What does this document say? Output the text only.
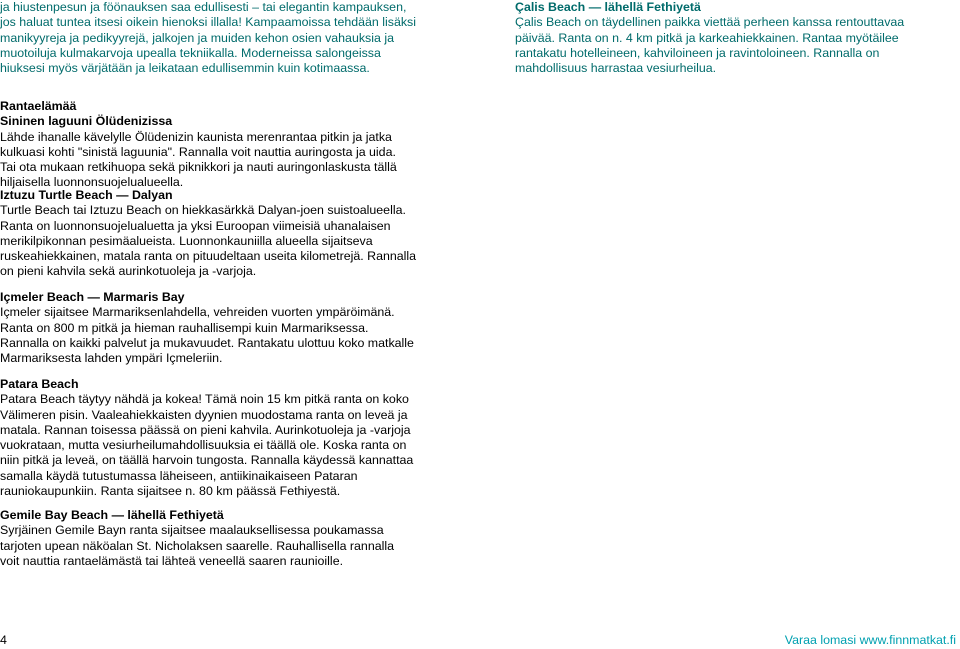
ja hiustenpesun ja föönauksen saa edullisesti – tai elegantin kampauksen,
jos haluat tuntea itsesi oikein hienoksi illalla! Kampaamoissa tehdään lisäksi
manikyyreja ja pedikyyrejä, jalkojen ja muiden kehon osien vahauksia ja
muotoiluja kulmakarvoja upealla tekniikalla. Moderneissa salongeissa
hiuksesi myös värjätään ja leikataan edullisemmin kuin kotimaassa.
Rantaelämää
Sininen laguuni Ölüdenizissa
Lähde ihanalle kävelylle Ölüdenizin kaunista merenrantaa pitkin ja jatka
kulkuasi kohti "sinistä laguunia". Rannalla voit nauttia auringosta ja uida.
Tai ota mukaan retkihuopa sekä piknikkori ja nauti auringonlaskusta tällä
hiljaisella luonnonsuojelualueella.
Iztuzu Turtle Beach — Dalyan
Turtle Beach tai Iztuzu Beach on hiekkasärkkä Dalyan-joen suistoalueella.
Ranta on luonnonsuojelualuetta ja yksi Euroopan viimeisiä uhanalaisen
merikilpikonnan pesimäalueista. Luonnonkauniilla alueella sijaitseva
ruskeahiekkainen, matala ranta on pituudeltaan useita kilometrejä. Rannalla
on pieni kahvila sekä aurinkotuoleja ja -varjoja.
Içmeler Beach — Marmaris Bay
Içmeler sijaitsee Marmariksenlahdella, vehreiden vuorten ympäröimänä.
Ranta on 800 m pitkä ja hieman rauhallisempi kuin Marmariksessa.
Rannalla on kaikki palvelut ja mukavuudet. Rantakatu ulottuu koko matkalle
Marmariksesta lahden ympäri Içmeleriin.
Patara Beach
Patara Beach täytyy nähdä ja kokea! Tämä noin 15 km pitkä ranta on koko
Välimeren pisin. Vaaleahiekkaisten dyynien muodostama ranta on leveä ja
matala. Rannan toisessa päässä on pieni kahvila. Aurinkotuoleja ja -varjoja
vuokrataan, mutta vesiurheilumahdollisuuksia ei täällä ole. Koska ranta on
niin pitkä ja leveä, on täällä harvoin tungosta. Rannalla käydessä kannattaa
samalla käydä tutustumassa läheiseen, antiikinaikaiseen Pataran
rauniokaupunkiin. Ranta sijaitsee n. 80 km päässä Fethiyestä.
Gemile Bay Beach — lähellä Fethiyetä
Syrjäinen Gemile Bayn ranta sijaitsee maalauksellisessa poukamassa
tarjoten upean näköalan St. Nicholaksen saarelle. Rauhallisella rannalla
voit nauttia rantaelämästä tai lähteä veneellä saaren raunioille.
Çalis Beach — lähellä Fethiyetä
Çalis Beach on täydellinen paikka viettää perheen kanssa rentouttavaa
päivää. Ranta on n. 4 km pitkä ja karkeahiekkainen. Rantaa myötäilee
rantakatu hotelleineen, kahviloineen ja ravintoloineen. Rannalla on
mahdollisuus harrastaa vesiurheilua.
4	Varaa lomasi www.finnmatkat.fi
